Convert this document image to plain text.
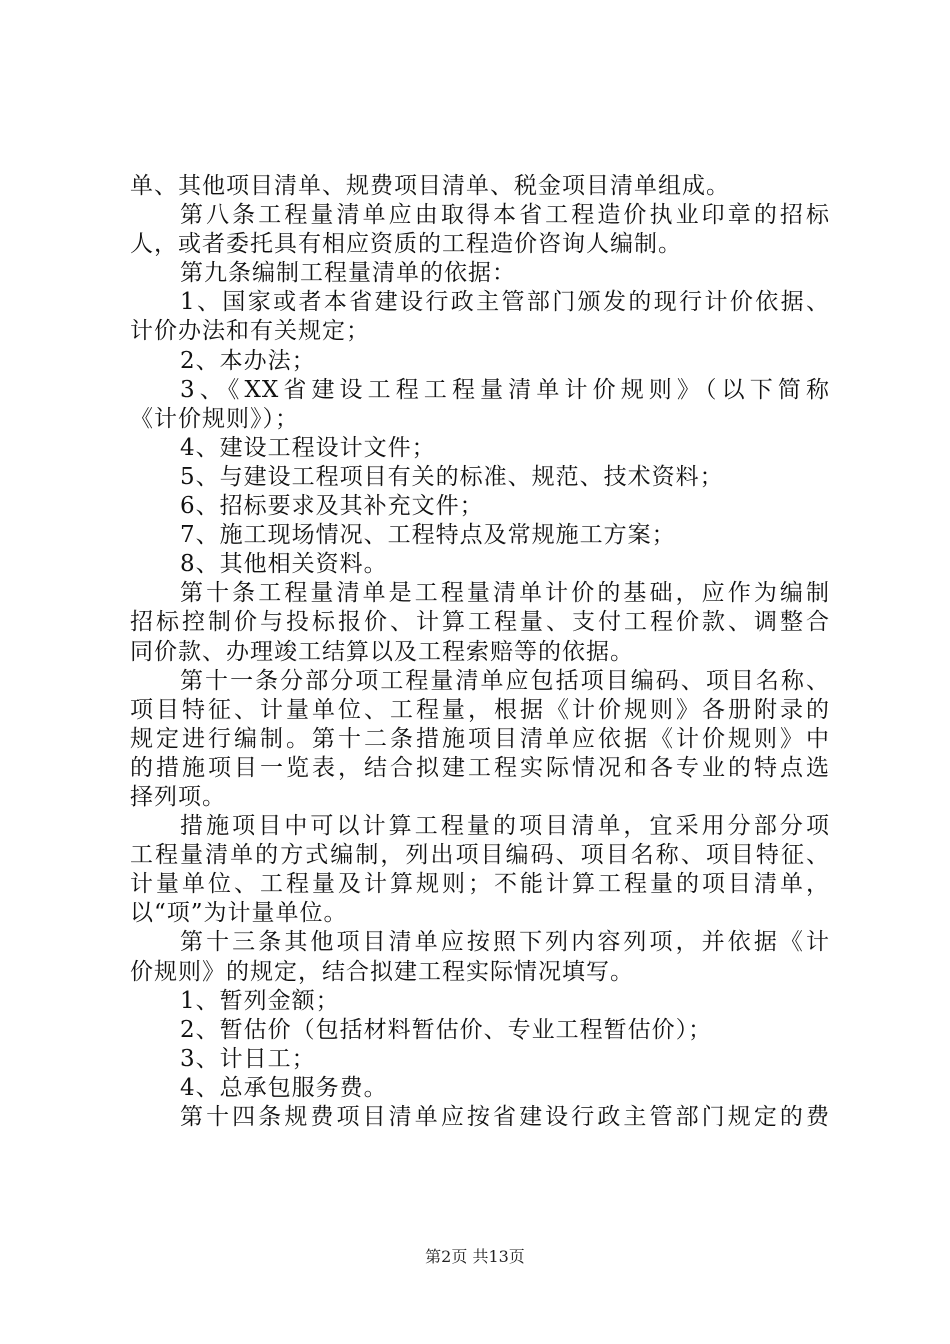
单、其他项目清单、规费项目清单、税金项目清单组成。
第八条工程量清单应由取得本省工程造价执业印章的招标
人，或者委托具有相应资质的工程造价咨询人编制。
第九条编制工程量清单的依据：
1、国家或者本省建设行政主管部门颁发的现行计价依据、
计价办法和有关规定；
2、本办法；
3、《XX省建设工程工程量清单计价规则》（以下简称
《计价规则》）；
4、建设工程设计文件；
5、与建设工程项目有关的标准、规范、技术资料；
6、招标要求及其补充文件；
7、施工现场情况、工程特点及常规施工方案；
8、其他相关资料。
第十条工程量清单是工程量清单计价的基础，应作为编制
招标控制价与投标报价、计算工程量、支付工程价款、调整合
同价款、办理竣工结算以及工程索赔等的依据。
第十一条分部分项工程量清单应包括项目编码、项目名称、
项目特征、计量单位、工程量，根据《计价规则》各册附录的
规定进行编制。第十二条措施项目清单应依据《计价规则》中
的措施项目一览表，结合拟建工程实际情况和各专业的特点选
择列项。
措施项目中可以计算工程量的项目清单，宜采用分部分项
工程量清单的方式编制，列出项目编码、项目名称、项目特征、
计量单位、工程量及计算规则；不能计算工程量的项目清单，
以“项”为计量单位。
第十三条其他项目清单应按照下列内容列项，并依据《计
价规则》的规定，结合拟建工程实际情况填写。
1、暂列金额；
2、暂估价（包括材料暂估价、专业工程暂估价）；
3、计日工；
4、总承包服务费。
第十四条规费项目清单应按省建设行政主管部门规定的费
第2页 共13页
